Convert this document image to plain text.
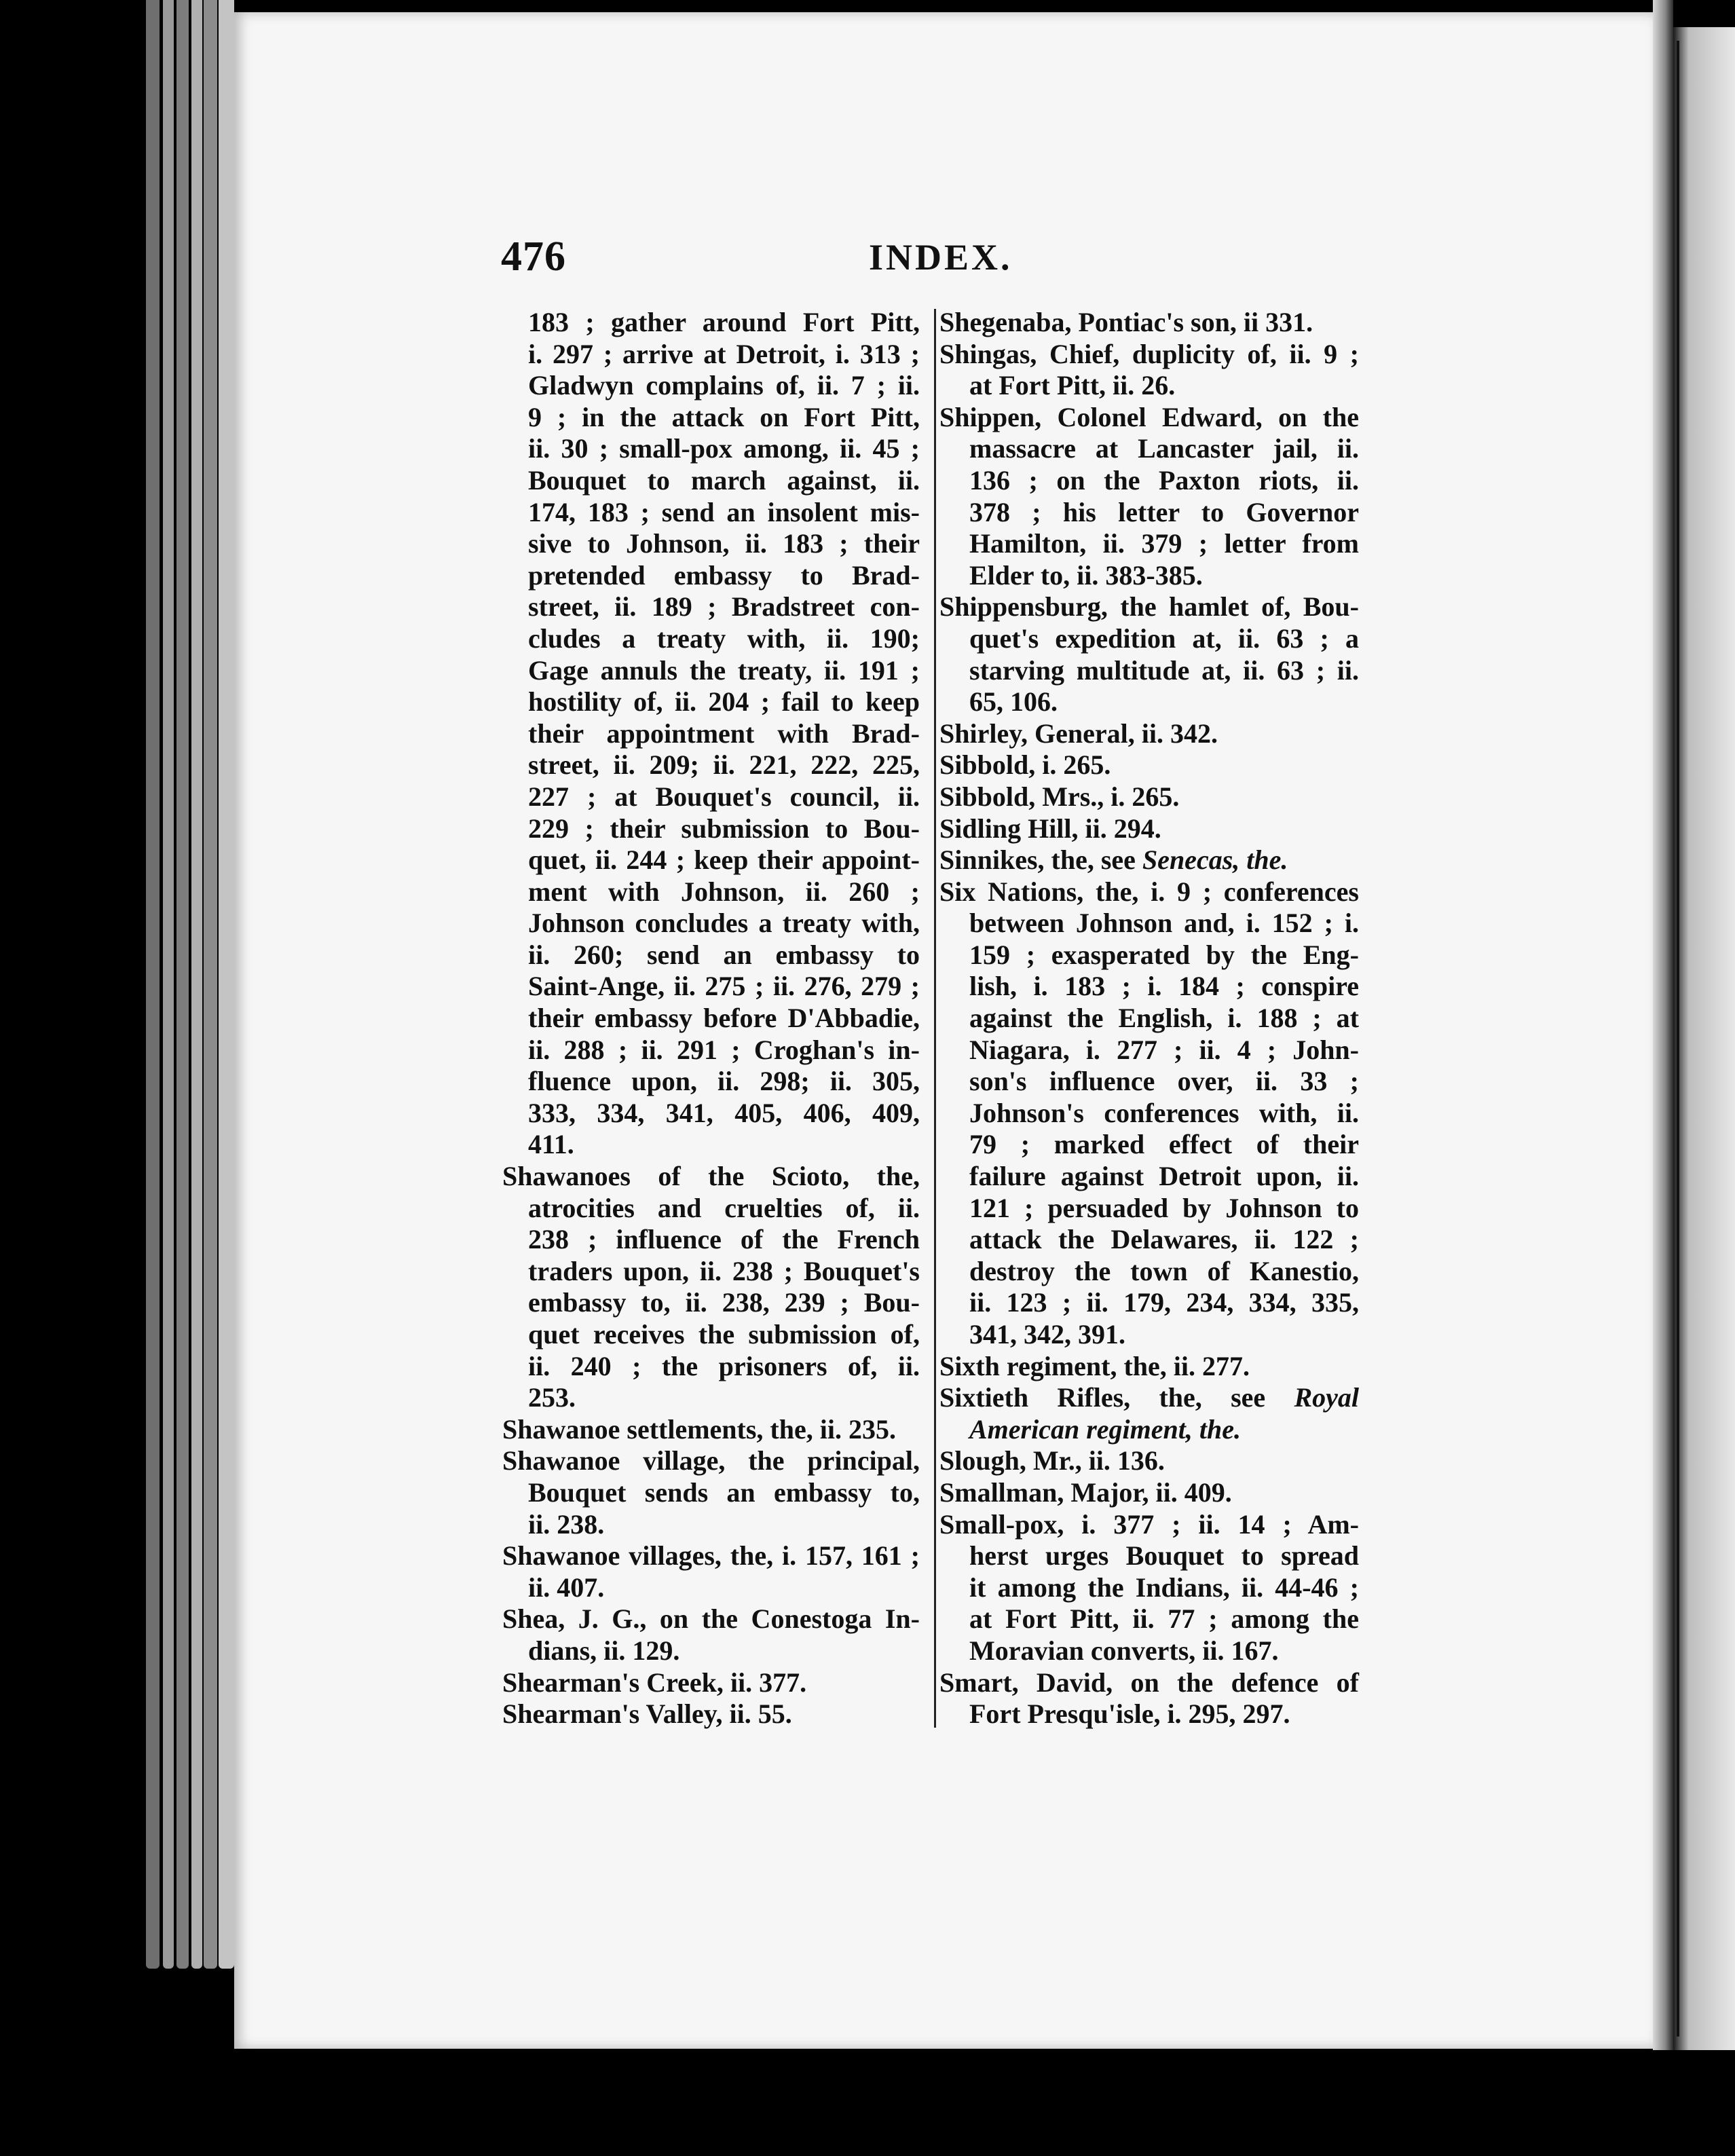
476	INDEX.
183 ; gather around Fort Pitt,
i. 297 ; arrive at Detroit, i. 313 ;
Gladwyn complains of, ii. 7 ; ii.
9 ; in the attack on Fort Pitt,
ii. 30 ; small-pox among, ii. 45 ;
Bouquet to march against, ii.
174, 183 ; send an insolent mis-
sive to Johnson, ii. 183 ; their
pretended embassy to Brad-
street, ii. 189 ; Bradstreet con-
cludes a treaty with, ii. 190;
Gage annuls the treaty, ii. 191 ;
hostility of, ii. 204 ; fail to keep
their appointment with Brad-
street, ii. 209; ii. 221, 222, 225,
227 ; at Bouquet's council, ii.
229 ; their submission to Bou-
quet, ii. 244 ; keep their appoint-
ment with Johnson, ii. 260 ;
Johnson concludes a treaty with,
ii. 260; send an embassy to
Saint-Ange, ii. 275 ; ii. 276, 279 ;
their embassy before D'Abbadie,
ii. 288 ; ii. 291 ; Croghan's in-
fluence upon, ii. 298; ii. 305,
333, 334, 341, 405, 406, 409,
411.
Shawanoes of the Scioto, the,
atrocities and cruelties of, ii.
238 ; influence of the French
traders upon, ii. 238 ; Bouquet's
embassy to, ii. 238, 239 ; Bou-
quet receives the submission of,
ii. 240 ; the prisoners of, ii.
253.
Shawanoe settlements, the, ii. 235.
Shawanoe village, the principal,
Bouquet sends an embassy to,
ii. 238.
Shawanoe villages, the, i. 157, 161 ;
ii. 407.
Shea, J. G., on the Conestoga In-
dians, ii. 129.
Shearman's Creek, ii. 377.
Shearman's Valley, ii. 55.
Shegenaba, Pontiac's son, ii 331.
Shingas, Chief, duplicity of, ii. 9 ;
at Fort Pitt, ii. 26.
Shippen, Colonel Edward, on the
massacre at Lancaster jail, ii.
136 ; on the Paxton riots, ii.
378 ; his letter to Governor
Hamilton, ii. 379 ; letter from
Elder to, ii. 383-385.
Shippensburg, the hamlet of, Bou-
quet's expedition at, ii. 63 ; a
starving multitude at, ii. 63 ; ii.
65, 106.
Shirley, General, ii. 342.
Sibbold, i. 265.
Sibbold, Mrs., i. 265.
Sidling Hill, ii. 294.
Sinnikes, the, see Senecas, the.
Six Nations, the, i. 9 ; conferences
between Johnson and, i. 152 ; i.
159 ; exasperated by the Eng-
lish, i. 183 ; i. 184 ; conspire
against the English, i. 188 ; at
Niagara, i. 277 ; ii. 4 ; John-
son's influence over, ii. 33 ;
Johnson's conferences with, ii.
79 ; marked effect of their
failure against Detroit upon, ii.
121 ; persuaded by Johnson to
attack the Delawares, ii. 122 ;
destroy the town of Kanestio,
ii. 123 ; ii. 179, 234, 334, 335,
341, 342, 391.
Sixth regiment, the, ii. 277.
Sixtieth Rifles, the, see Royal
American regiment, the.
Slough, Mr., ii. 136.
Smallman, Major, ii. 409.
Small-pox, i. 377 ; ii. 14 ; Am-
herst urges Bouquet to spread
it among the Indians, ii. 44-46 ;
at Fort Pitt, ii. 77 ; among the
Moravian converts, ii. 167.
Smart, David, on the defence of
Fort Presqu'isle, i. 295, 297.
